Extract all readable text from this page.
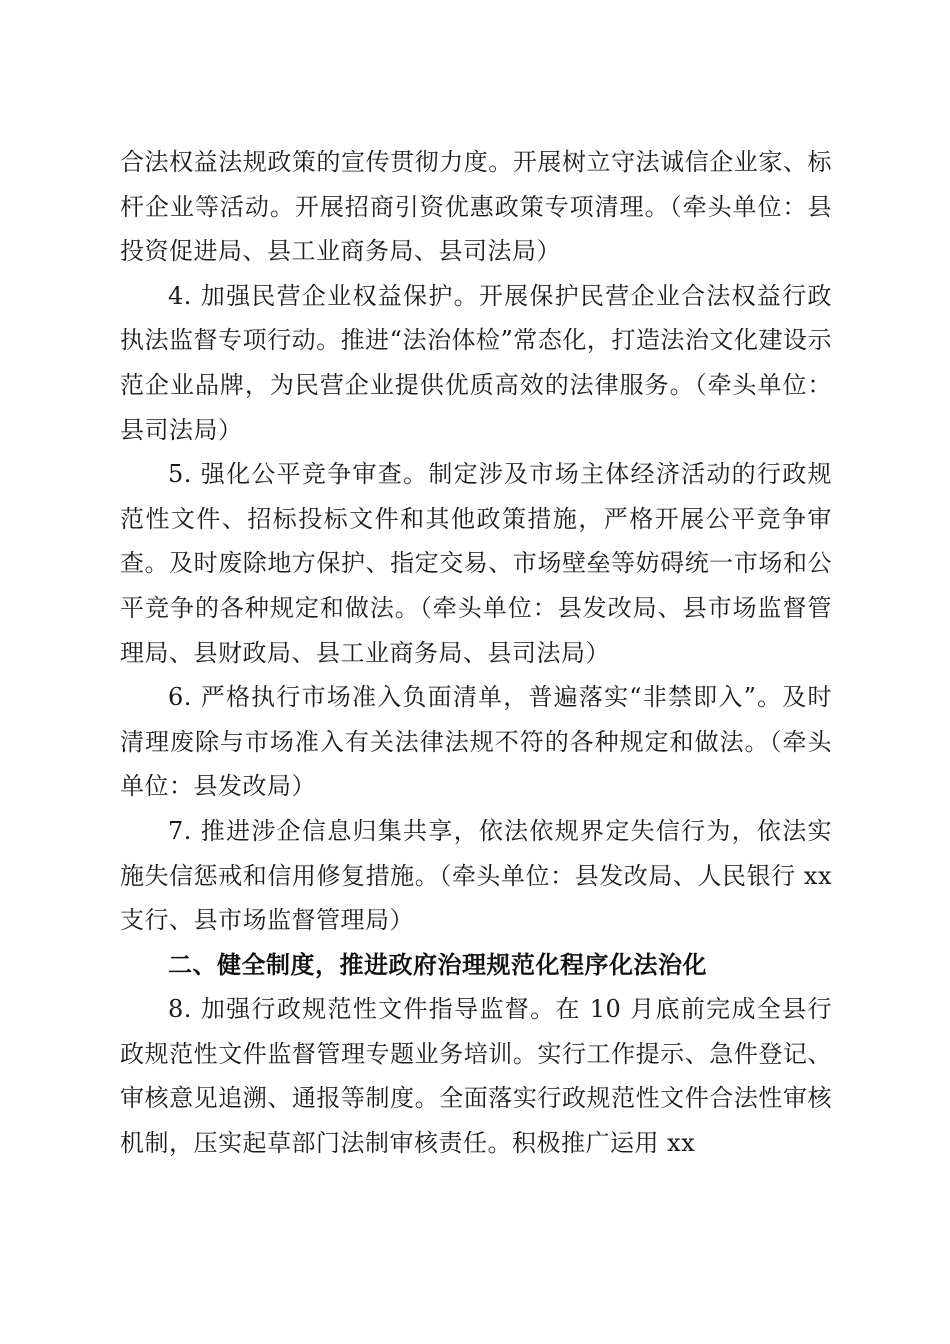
合法权益法规政策的宣传贯彻力度。开展树立守法诚信企业家、标杆企业等活动。开展招商引资优惠政策专项清理。（牵头单位：县投资促进局、县工业商务局、县司法局）

4. 加强民营企业权益保护。开展保护民营企业合法权益行政执法监督专项行动。推进“法治体检”常态化，打造法治文化建设示范企业品牌，为民营企业提供优质高效的法律服务。（牵头单位：县司法局）

5. 强化公平竞争审查。制定涉及市场主体经济活动的行政规范性文件、招标投标文件和其他政策措施，严格开展公平竞争审查。及时废除地方保护、指定交易、市场壁垒等妨碍统一市场和公平竞争的各种规定和做法。（牵头单位：县发改局、县市场监督管理局、县财政局、县工业商务局、县司法局）

6. 严格执行市场准入负面清单，普遍落实“非禁即入”。及时清理废除与市场准入有关法律法规不符的各种规定和做法。（牵头单位：县发改局）

7. 推进涉企信息归集共享，依法依规界定失信行为，依法实施失信惩戒和信用修复措施。（牵头单位：县发改局、人民银行 xx 支行、县市场监督管理局）

二、健全制度，推进政府治理规范化程序化法治化

8. 加强行政规范性文件指导监督。在 10 月底前完成全县行政规范性文件监督管理专题业务培训。实行工作提示、急件登记、审核意见追溯、通报等制度。全面落实行政规范性文件合法性审核机制，压实起草部门法制审核责任。积极推广运用 xx
